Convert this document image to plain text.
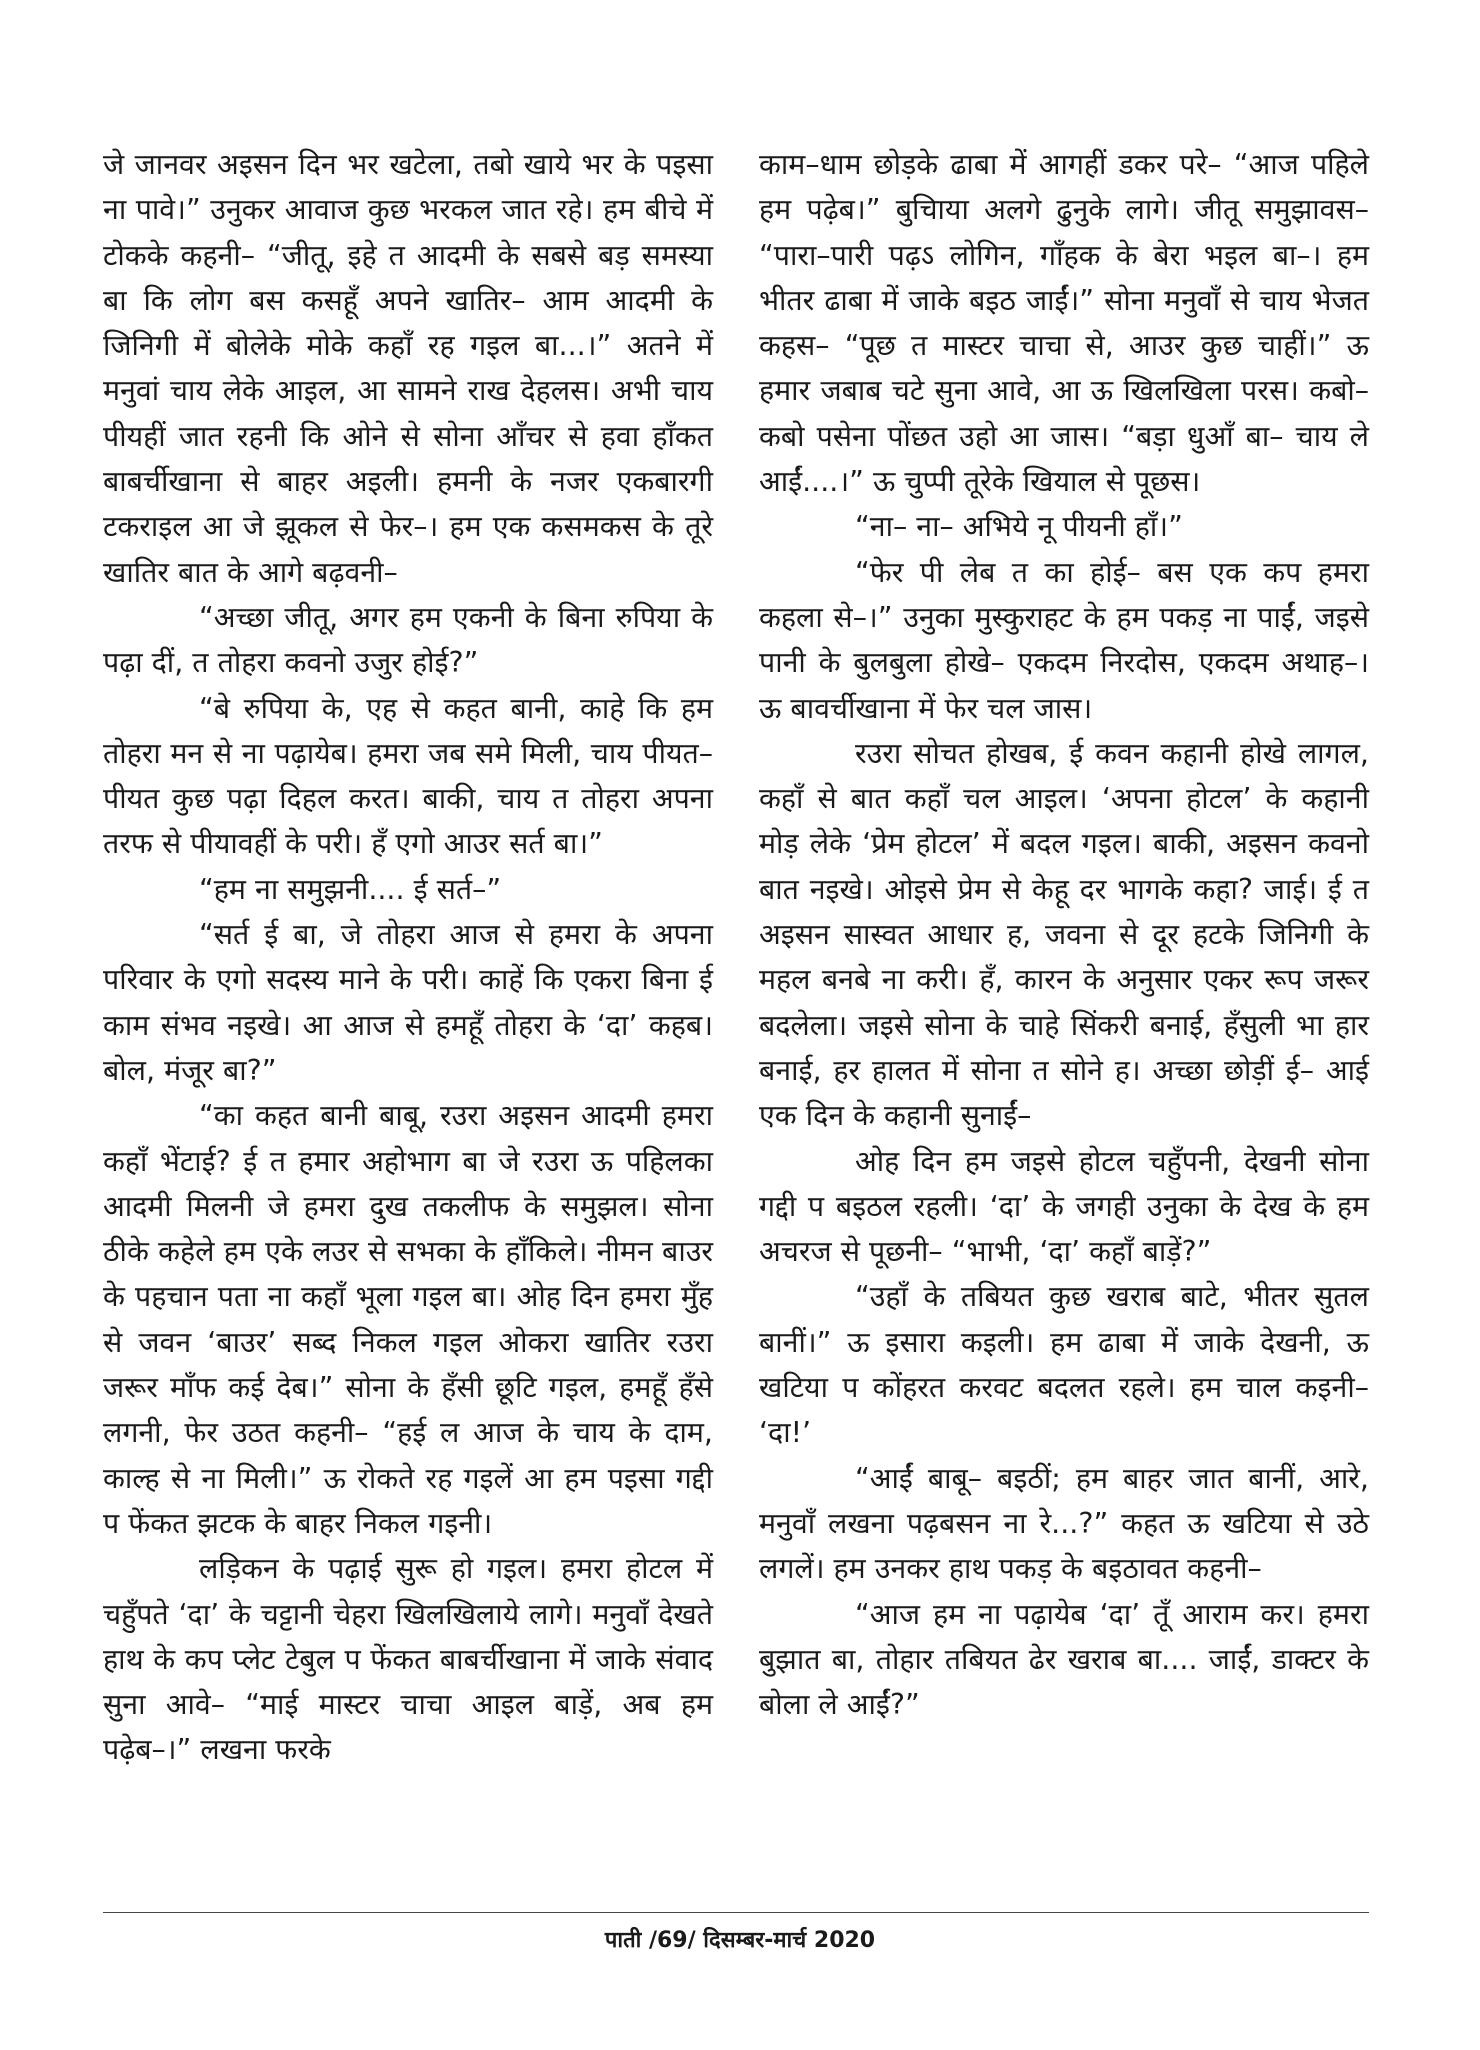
जे जानवर अइसन दिन भर खटेला, तबो खाये भर के पइसा ना पावे।” उनुकर आवाज कुछ भरकल जात रहे। हम बीचे में टोकके कहनी– “जीतू, इहे त आदमी के सबसे बड़ समस्या बा कि लोग बस कसहूँ अपने खातिर– आम आदमी के जिनिगी में बोलेके मोके कहाँ रह गइल बा...।” अतने में मनुवां चाय लेके आइल, आ सामने राख देहलस। अभी चाय पीयहीं जात रहनी कि ओने से सोना आँचर से हवा हाँकत बाबर्चीखाना से बाहर अइली। हमनी के नजर एकबारगी टकराइल आ जे झूकल से फेर–। हम एक कसमकस के तूरे खातिर बात के आगे बढ़वनी–

“अच्छा जीतू, अगर हम एकनी के बिना रुपिया के पढ़ा दीं, त तोहरा कवनो उजुर होई?”

“बे रुपिया के, एह से कहत बानी, काहे कि हम तोहरा मन से ना पढ़ायेब। हमरा जब समे मिली, चाय पीयत–पीयत कुछ पढ़ा दिहल करत। बाकी, चाय त तोहरा अपना तरफ से पीयावहीं के परी। हँ एगो आउर सर्त बा।”

“हम ना समुझनी.... ई सर्त–”

“सर्त ई बा, जे तोहरा आज से हमरा के अपना परिवार के एगो सदस्य माने के परी। काहें कि एकरा बिना ई काम संभव नइखे। आ आज से हमहूँ तोहरा के ‘दा’ कहब। बोल, मंजूर बा?”

“का कहत बानी बाबू, रउरा अइसन आदमी हमरा कहाँ भेंटाई? ई त हमार अहोभाग बा जे रउरा ऊ पहिलका आदमी मिलनी जे हमरा दुख तकलीफ के समुझल। सोना ठीके कहेले हम एके लउर से सभका के हाँकिले। नीमन बाउर के पहचान पता ना कहाँ भूला गइल बा। ओह दिन हमरा मुँह से जवन ‘बाउर’ सब्द निकल गइल ओकरा खातिर रउरा जरूर माँफ कई देब।” सोना के हँसी छूटि गइल, हमहूँ हँसे लगनी, फेर उठत कहनी– “हई ल आज के चाय के दाम, काल्ह से ना मिली।” ऊ रोकते रह गइलें आ हम पइसा गद्दी प फेंकत झटक के बाहर निकल गइनी।

लड़िकन के पढ़ाई सुरू हो गइल। हमरा होटल में चहुँपते ‘दा’ के चट्टानी चेहरा खिलखिलाये लागे। मनुवाँ देखते हाथ के कप प्लेट टेबुल प फेंकत बाबर्चीखाना में जाके संवाद सुना आवे– “माई मास्टर चाचा आइल बाड़ें, अब हम पढ़ेब–।” लखना फरके

काम–धाम छोड़के ढाबा में आगहीं डकर परे– “आज पहिले हम पढ़ेब।” बुचिाया अलगे ढुनुके लागे। जीतू समुझावस– “पारा–पारी पढ़ऽ लोगिन, गाँहक के बेरा भइल बा–। हम भीतर ढाबा में जाके बइठ जाईं।” सोना मनुवाँ से चाय भेजत कहस– “पूछ त मास्टर चाचा से, आउर कुछ चाहीं।” ऊ हमार जबाब चटे सुना आवे, आ ऊ खिलखिला परस। कबो–कबो पसेना पोंछत उहो आ जास। “बड़ा धुआँ बा– चाय ले आईं....।” ऊ चुप्पी तूरेके खियाल से पूछस।

“ना– ना– अभिये नू पीयनी हाँ।”

“फेर पी लेब त का होई– बस एक कप हमरा कहला से–।” उनुका मुस्कुराहट के हम पकड़ ना पाईं, जइसे पानी के बुलबुला होखे– एकदम निरदोस, एकदम अथाह–। ऊ बावर्चीखाना में फेर चल जास।

रउरा सोचत होखब, ई कवन कहानी होखे लागल, कहाँ से बात कहाँ चल आइल। ‘अपना होटल’ के कहानी मोड़ लेके ‘प्रेम होटल’ में बदल गइल। बाकी, अइसन कवनो बात नइखे। ओइसे प्रेम से केहू दर भागके कहा? जाई। ई त अइसन सास्वत आधार ह, जवना से दूर हटके जिनिगी के महल बनबे ना करी। हँ, कारन के अनुसार एकर रूप जरूर बदलेला। जइसे सोना के चाहे सिंकरी बनाई, हँसुली भा हार बनाई, हर हालत में सोना त सोने ह। अच्छा छोड़ीं ई– आई एक दिन के कहानी सुनाईं–

ओह दिन हम जइसे होटल चहुँपनी, देखनी सोना गद्दी प बइठल रहली। ‘दा’ के जगही उनुका के देख के हम अचरज से पूछनी– “भाभी, ‘दा’ कहाँ बाड़ें?”

“उहाँ के तबियत कुछ खराब बाटे, भीतर सुतल बानीं।” ऊ इसारा कइली। हम ढाबा में जाके देखनी, ऊ खटिया प कोंहरत करवट बदलत रहले। हम चाल कइनी– ‘दा!’

“आईं बाबू– बइठीं; हम बाहर जात बानीं, आरे, मनुवाँ लखना पढ़बसन ना रे...?” कहत ऊ खटिया से उठे लगलें। हम उनकर हाथ पकड़ के बइठावत कहनी–

“आज हम ना पढ़ायेब ‘दा’ तूँ आराम कर। हमरा बुझात बा, तोहार तबियत ढेर खराब बा.... जाईं, डाक्टर के बोला ले आईं?”

पाती /69/ दिसम्बर-मार्च 2020
